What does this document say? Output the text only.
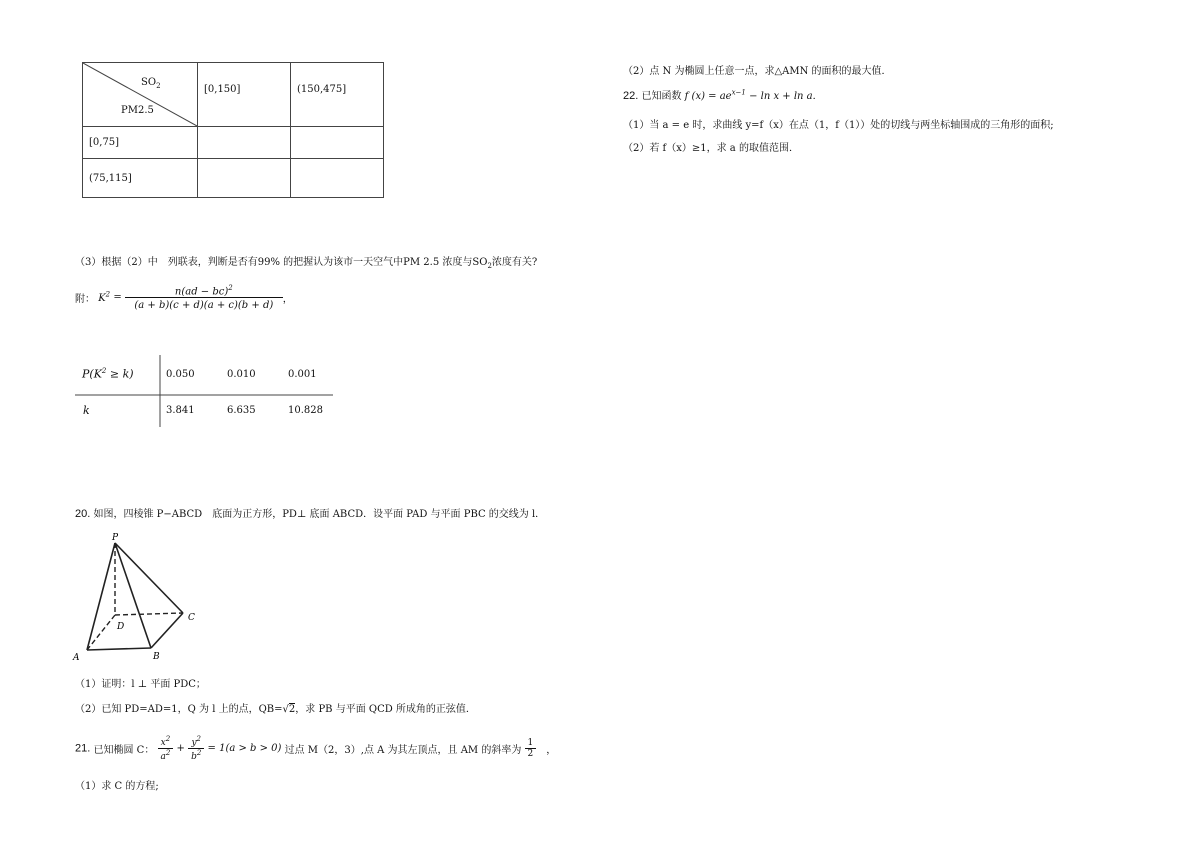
$SO_2$
PM2.5	[0,150]	(150,475]
[0,75]		
(75,115]		
（3）根据（2）中　列联表，判断是否有99% 的把握认为该市一天空气中PM 2.5 浓度与$SO_2$浓度有关?
附： $K^2 = \frac{n(ad - bc)^2}{(a + b)(c + d)(a + c)(b + d)}$ ，
$P(K^2 \ge k)$	0.050	0.010	0.001
k	3.841	6.635	10.828
20. 如图，四棱锥 P−ABCD　底面为正方形，PD⊥ 底面 ABCD．设平面 PAD 与平面 PBC 的交线为 l．
P
A	B
C
D
（1）证明：l ⊥ 平面 PDC；
（2）已知 PD=AD=1，Q 为 l 上的点，QB=√2，求 PB 与平面 QCD 所成角的正弦值．
21. 已知椭圆 C： $\frac{x^2}{a^2} + \frac{y^2}{b^2} = 1(a > b > 0)$ 过点 M（2，3）,点 A 为其左顶点，且 AM 的斜率为 $\frac{1}{2}$ 　，
（1）求 C 的方程;
（2）点 N 为椭圆上任意一点，求△AMN 的面积的最大值．
22. 已知函数 f $(x) = ae^{x-1} - \ln x + \ln a$．
（1）当 a = e 时，求曲线 y=f（x）在点（1，f（1））处的切线与两坐标轴围成的三角形的面积;
（2）若 f（x）≥1，求 a 的取值范围．
